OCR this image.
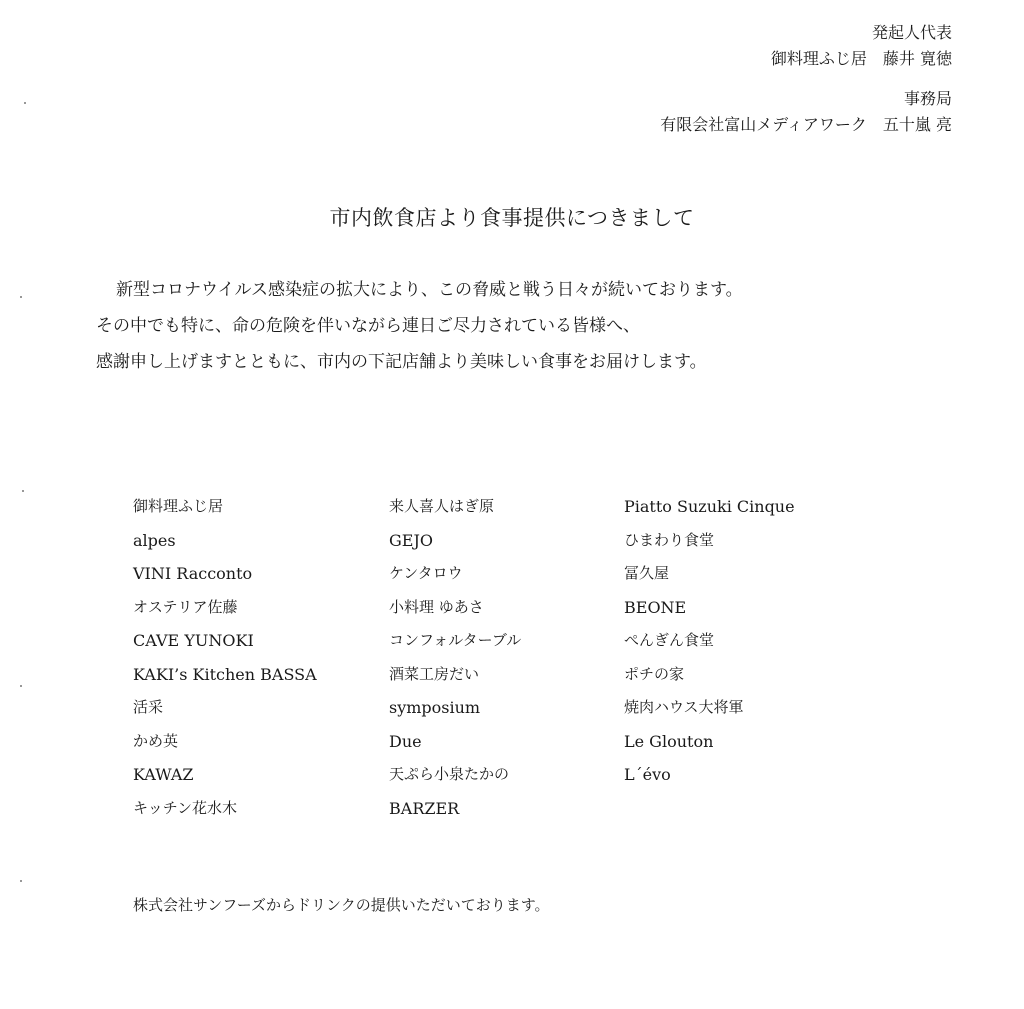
発起人代表
御料理ふじ居　藤井 寛徳
事務局
有限会社富山メディアワーク　五十嵐 亮
市内飲食店より食事提供につきまして

新型コロナウイルス感染症の拡大により、この脅威と戦う日々が続いております。

その中でも特に、命の危険を伴いながら連日ご尽力されている皆様へ、

感謝申し上げますとともに、市内の下記店舗より美味しい食事をお届けします。

御料理ふじ居
alpes
VINI Racconto
オステリア佐藤
CAVE YUNOKI
KAKI’s Kitchen BASSA
活采
かめ英
KAWAZ
キッチン花水木
来人喜人はぎ原
GEJO
ケンタロウ
小料理 ゆあさ
コンフォルターブル
酒菜工房だい
symposium
Due
天ぷら小泉たかの
BARZER
Piatto Suzuki Cinque
ひまわり食堂
冨久屋
BEONE
ぺんぎん食堂
ポチの家
焼肉ハウス大将軍
Le Glouton
L´évo
株式会社サンフーズからドリンクの提供いただいております。
